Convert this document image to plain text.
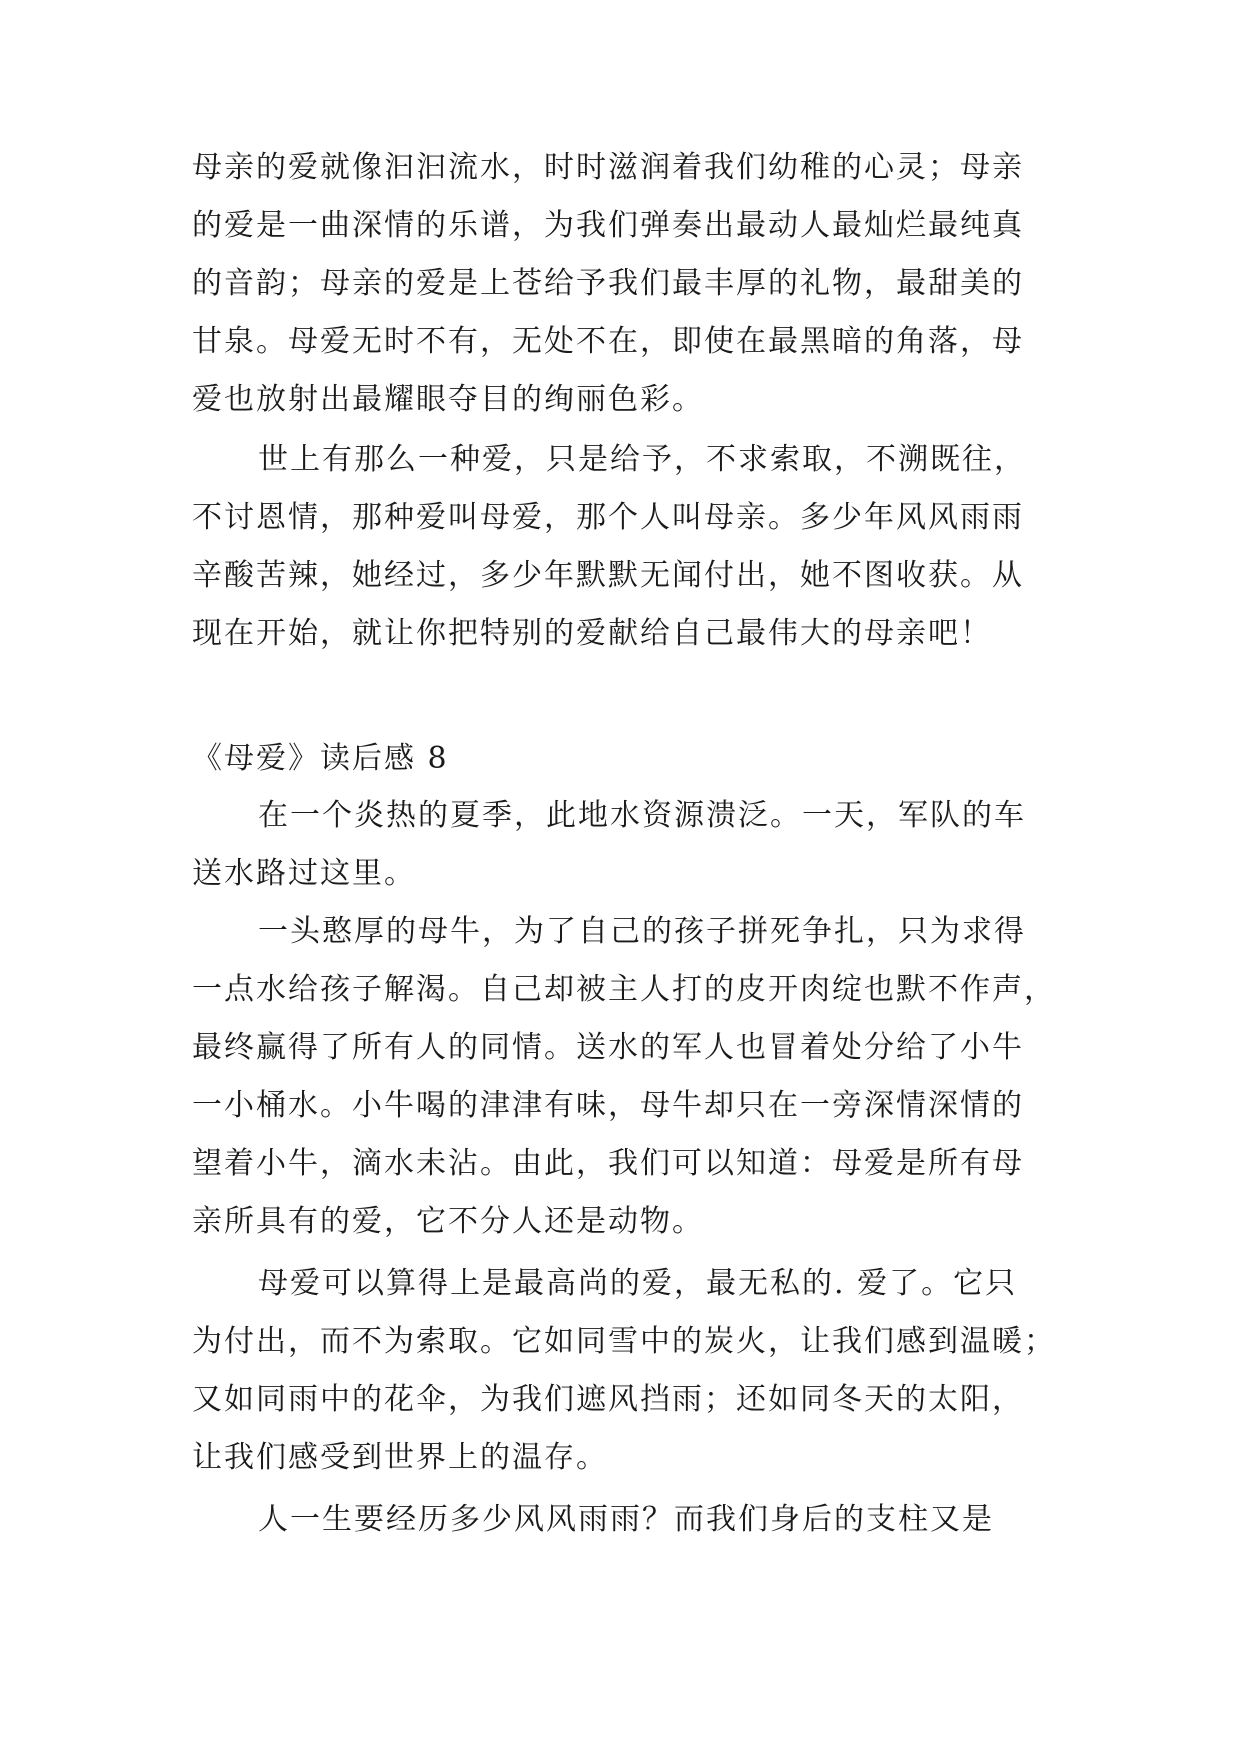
母亲的爱就像汩汩流水，时时滋润着我们幼稚的心灵；母亲
的爱是一曲深情的乐谱，为我们弹奏出最动人最灿烂最纯真
的音韵；母亲的爱是上苍给予我们最丰厚的礼物，最甜美的
甘泉。母爱无时不有，无处不在，即使在最黑暗的角落，母
爱也放射出最耀眼夺目的绚丽色彩。
世上有那么一种爱，只是给予，不求索取，不溯既往，
不讨恩情，那种爱叫母爱，那个人叫母亲。多少年风风雨雨
辛酸苦辣，她经过，多少年默默无闻付出，她不图收获。从
现在开始，就让你把特别的爱献给自己最伟大的母亲吧！
《母爱》读后感 8
在一个炎热的夏季，此地水资源溃泛。一天，军队的车
送水路过这里。
一头憨厚的母牛，为了自己的孩子拼死争扎，只为求得
一点水给孩子解渴。自己却被主人打的皮开肉绽也默不作声，
最终赢得了所有人的同情。送水的军人也冒着处分给了小牛
一小桶水。小牛喝的津津有味，母牛却只在一旁深情深情的
望着小牛，滴水未沾。由此，我们可以知道：母爱是所有母
亲所具有的爱，它不分人还是动物。
母爱可以算得上是最高尚的爱，最无私的. 爱了。它只
为付出，而不为索取。它如同雪中的炭火，让我们感到温暖；
又如同雨中的花伞，为我们遮风挡雨；还如同冬天的太阳，
让我们感受到世界上的温存。
人一生要经历多少风风雨雨？而我们身后的支柱又是
